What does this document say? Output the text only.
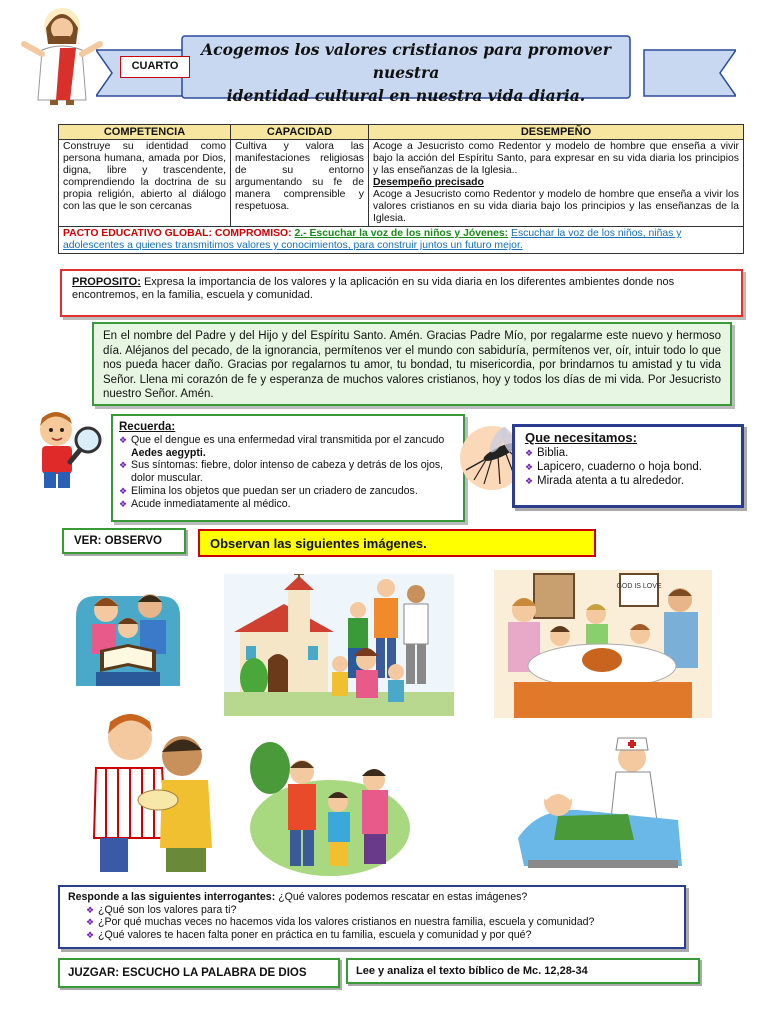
CUARTO
Acogemos los valores cristianos para promover nuestra
identidad cultural en nuestra vida diaria.
COMPETENCIA	CAPACIDAD	DESEMPEÑO
Construye su identidad como persona humana, amada por Dios, digna, libre y trascendente, comprendiendo la doctrina de su propia religión, abierto al diálogo con las que le son cercanas	Cultiva y valora las manifestaciones religiosas de su entorno argumentando su fe de manera comprensible y respetuosa.	Acoge a Jesucristo como Redentor y modelo de hombre que enseña a vivir bajo la acción del Espíritu Santo, para expresar en su vida diaria los principios y las enseñanzas de la Iglesia..
Desempeño precisado
Acoge a Jesucristo como Redentor y modelo de hombre que enseña a vivir los valores cristianos en su vida diaria bajo los principios y las enseñanzas de la Iglesia.

PACTO EDUCATIVO GLOBAL: COMPROMISO: 2.- Escuchar la voz de los niños y Jóvenes: Escuchar la voz de los niños, niñas y adolescentes a quienes transmitimos valores y conocimientos, para construir juntos un futuro mejor.		
PROPOSITO: Expresa la importancia de los valores y la aplicación en su vida diaria en los diferentes ambientes donde nos encontremos, en la familia, escuela y comunidad.
En el nombre del Padre y del Hijo y del Espíritu Santo. Amén. Gracias Padre Mío, por regalarme este nuevo y hermoso día. Aléjanos del pecado, de la ignorancia, permítenos ver el mundo con sabiduría, permítenos ver, oír, intuir todo lo que nos pueda hacer daño. Gracias por regalarnos tu amor, tu bondad, tu misericordia, por brindarnos tu amistad y tu vida Señor. Llena mi corazón de fe y esperanza de muchos valores cristianos, hoy y todos los días de mi vida. Por Jesucristo nuestro Señor. Amén.
Recuerda:
❖ Que el dengue es una enfermedad viral transmitida por el zancudo Aedes aegypti.
❖ Sus síntomas: fiebre, dolor intenso de cabeza y detrás de los ojos, dolor muscular.
❖ Elimina los objetos que puedan ser un criadero de zancudos.
❖ Acude inmediatamente al médico.
Que necesitamos:
❖ Biblia.
❖ Lapicero, cuaderno o hoja bond.
❖ Mirada atenta a tu alrededor.
VER: OBSERVO	Observan las siguientes imágenes.
GOD IS LOVE
Responde a las siguientes interrogantes: ¿Qué valores podemos rescatar en estas imágenes?
❖ ¿Qué son los valores para ti?
❖ ¿Por qué muchas veces no hacemos vida los valores cristianos en nuestra familia, escuela y comunidad?
❖ ¿Qué valores te hacen falta poner en práctica en tu familia, escuela y comunidad y por qué?
JUZGAR: ESCUCHO LA PALABRA DE DIOS	Lee y analiza el texto bíblico de Mc. 12,28-34
